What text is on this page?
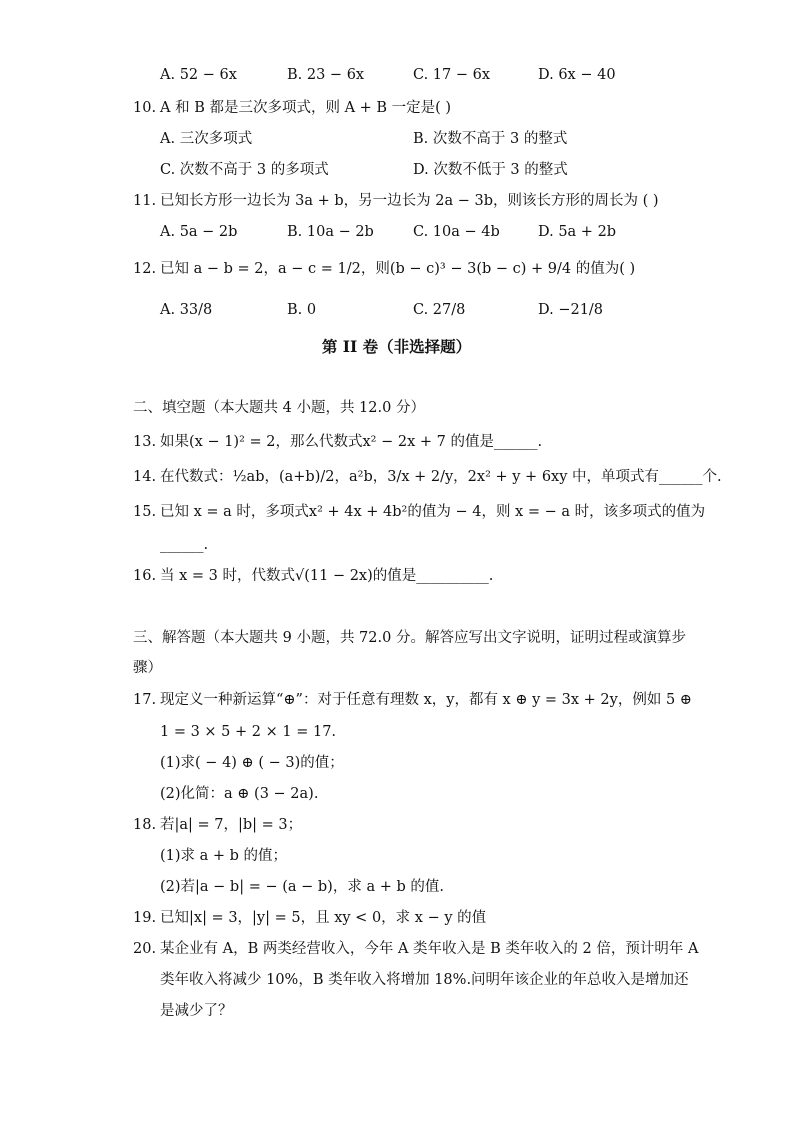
A. 52 − 6x	B. 23 − 6x	C. 17 − 6x	D. 6x − 40
10. A 和 B 都是三次多项式，则 A + B 一定是( )
A. 三次多项式	B. 次数不高于 3 的整式
C. 次数不高于 3 的多项式	D. 次数不低于 3 的整式
11. 已知长方形一边长为 3a + b，另一边长为 2a − 3b，则该长方形的周长为 ( )
A. 5a − 2b	B. 10a − 2b	C. 10a − 4b	D. 5a + 2b
12. 已知 a − b = 2，a − c = 1/2，则(b − c)³ − 3(b − c) + 9/4 的值为( )
A. 33/8	B. 0	C. 27/8	D. −21/8
第 II 卷（非选择题）
二、填空题（本大题共 4 小题，共 12.0 分）
13. 如果(x − 1)² = 2，那么代数式x² − 2x + 7 的值是______.
14. 在代数式：½ab，(a+b)/2，a²b，3/x + 2/y，2x² + y + 6xy 中，单项式有______个.
15. 已知 x = a 时，多项式x² + 4x + 4b²的值为 − 4，则 x = − a 时，该多项式的值为
______.
16. 当 x = 3 时，代数式√(11 − 2x)的值是__________.
三、解答题（本大题共 9 小题，共 72.0 分。解答应写出文字说明，证明过程或演算步
骤）
17. 现定义一种新运算“⊕”：对于任意有理数 x，y，都有 x ⊕ y = 3x + 2y，例如 5 ⊕
1 = 3 × 5 + 2 × 1 = 17.
(1)求( − 4) ⊕ ( − 3)的值；
(2)化简：a ⊕ (3 − 2a).
18. 若|a| = 7，|b| = 3；
(1)求 a + b 的值；
(2)若|a − b| = − (a − b)，求 a + b 的值.
19. 已知|x| = 3，|y| = 5，且 xy < 0，求 x − y 的值
20. 某企业有 A，B 两类经营收入，今年 A 类年收入是 B 类年收入的 2 倍，预计明年 A
类年收入将减少 10%，B 类年收入将增加 18%.问明年该企业的年总收入是增加还
是减少了？
